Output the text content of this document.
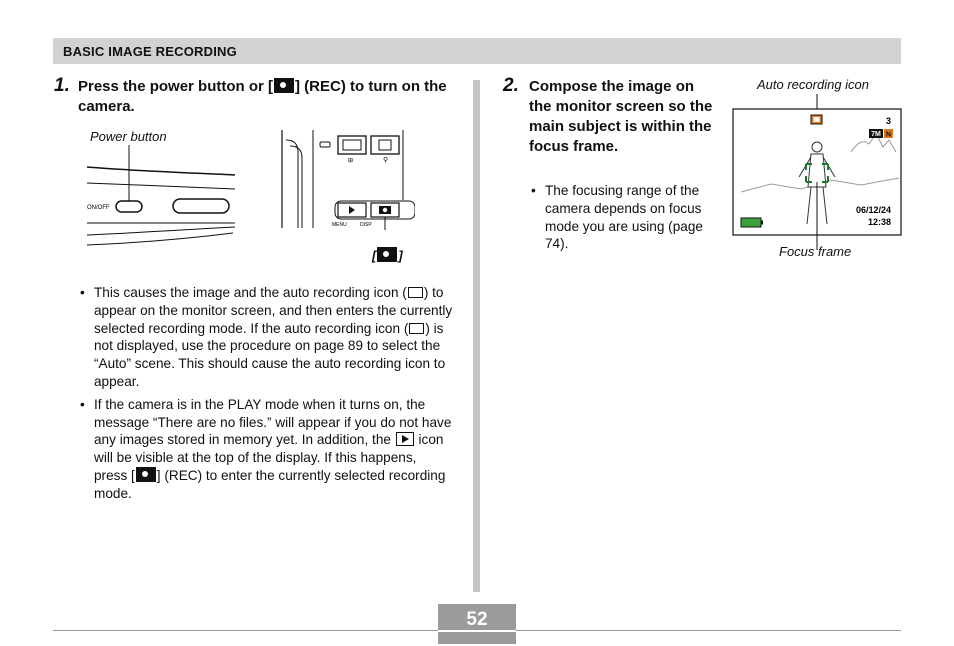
BASIC IMAGE RECORDING
1. Press the power button or [ ] (REC) to turn on the camera.
Power button
ON/OFF
⊞	⚲
MENU	DISP
[ ]
• This causes the image and the auto recording icon ( ) to appear on the monitor screen, and then enters the currently selected recording mode. If the auto recording icon ( ) is not displayed, use the procedure on page 89 to select the “Auto” scene. This should cause the auto recording icon to appear.
• If the camera is in the PLAY mode when it turns on, the message “There are no files.” will appear if you do not have any images stored in memory yet. In addition, the  icon will be visible at the top of the display. If this happens, press [ ] (REC) to enter the currently selected recording mode.
2. Compose the image on the monitor screen so the main subject is within the focus frame.
• The focusing range of the camera depends on focus mode you are using (page 74).
Auto recording icon
3
7M N
06/12/24
12:38
Focus frame
52
